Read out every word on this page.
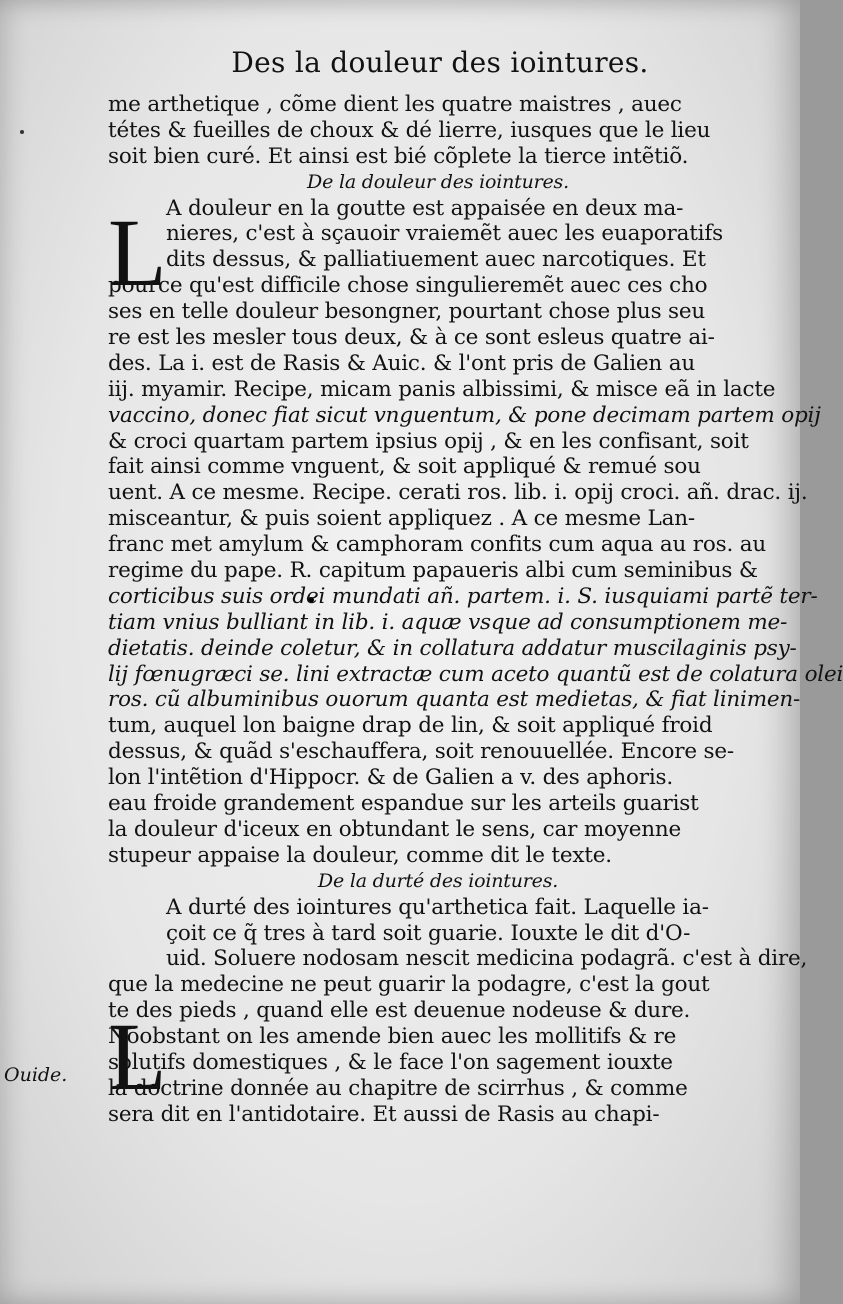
Des la douleur des iointures.
L
L
Ouide.
me arthetique , cõme dient les quatre maistres , auec
tétes & fueilles de choux & dé lierre, iusques que le lieu
soit bien curé. Et ainsi est bié cõplete la tierce intẽtiõ.
De la douleur des iointures.
A douleur en la goutte est appaisée en deux ma-
nieres, c'est à sçauoir vraiemẽt auec les euaporatifs
dits dessus, & palliatiuement auec narcotiques. Et
pource qu'est difficile chose singulieremẽt auec ces cho
ses en telle douleur besongner, pourtant chose plus seu
re est les mesler tous deux, & à ce sont esleus quatre ai-
des. La i. est de Rasis & Auic. & l'ont pris de Galien au
iij. myamir. Recipe, micam panis albissimi, & misce eã in lacte
vaccino, donec fiat sicut vnguentum, & pone decimam partem opij
& croci quartam partem ipsius opij , & en les confisant, soit
fait ainsi comme vnguent, & soit appliqué & remué sou
uent. A ce mesme. Recipe. cerati ros. lib. i. opij croci. añ. drac. ij.
misceantur, & puis soient appliquez . A ce mesme Lan-
franc met amylum & camphoram confits cum aqua au ros. au
regime du pape. R. capitum papaueris albi cum seminibus &
corticibus suis ordei mundati añ. partem. i. S. iusquiami partẽ ter-
tiam vnius bulliant in lib. i. aquæ vsque ad consumptionem me-
dietatis. deinde coletur, & in collatura addatur muscilaginis psy-
lij fœnugræci se. lini extractæ cum aceto quantũ est de colatura olei
ros. cũ albuminibus ouorum quanta est medietas, & fiat linimen-
tum, auquel lon baigne drap de lin, & soit appliqué froid
dessus, & quãd s'eschauffera, soit renouuellée. Encore se-
lon l'intẽtion d'Hippocr. & de Galien a v. des aphoris.
eau froide grandement espandue sur les arteils guarist
la douleur d'iceux en obtundant le sens, car moyenne
stupeur appaise la douleur, comme dit le texte.
De la durté des iointures.
A durté des iointures qu'arthetica fait. Laquelle ia-
çoit ce q̃ tres à tard soit guarie. Iouxte le dit d'O-
uid. Soluere nodosam nescit medicina podagrã. c'est à dire,
que la medecine ne peut guarir la podagre, c'est la gout
te des pieds , quand elle est deuenue nodeuse & dure.
Nõobstant on les amende bien auec les mollitifs & re
solutifs domestiques , & le face l'on sagement iouxte
la doctrine donnée au chapitre de scirrhus , & comme
sera dit en l'antidotaire. Et aussi de Rasis au chapi-
